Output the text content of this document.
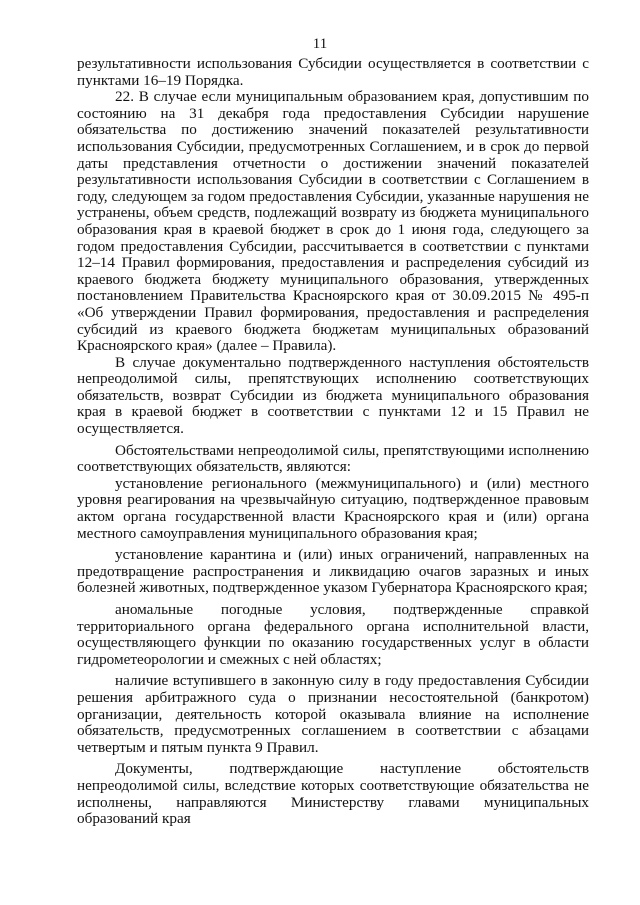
11

результативности использования Субсидии осуществляется в соответствии с пунктами 16–19 Порядка.

22. В случае если муниципальным образованием края, допустившим по состоянию на 31 декабря года предоставления Субсидии нарушение обязательства по достижению значений показателей результативности использования Субсидии, предусмотренных Соглашением, и в срок до первой даты представления отчетности о достижении значений показателей результативности использования Субсидии в соответствии с Соглашением в году, следующем за годом предоставления Субсидии, указанные нарушения не устранены, объем средств, подлежащий возврату из бюджета муниципального образования края в краевой бюджет в срок до 1 июня года, следующего за годом предоставления Субсидии, рассчитывается в соответствии с пунктами 12–14 Правил формирования, предоставления и распределения субсидий из краевого бюджета бюджету муниципального образования, утвержденных постановлением Правительства Красноярского края от 30.09.2015 № 495-п «Об утверждении Правил формирования, предоставления и распределения субсидий из краевого бюджета бюджетам муниципальных образований Красноярского края» (далее – Правила).

В случае документально подтвержденного наступления обстоятельств непреодолимой силы, препятствующих исполнению соответствующих обязательств, возврат Субсидии из бюджета муниципального образования края в краевой бюджет в соответствии с пунктами 12 и 15 Правил не осуществляется.

Обстоятельствами непреодолимой силы, препятствующими исполнению соответствующих обязательств, являются:

установление регионального (межмуниципального) и (или) местного уровня реагирования на чрезвычайную ситуацию, подтвержденное правовым актом органа государственной власти Красноярского края и (или) органа местного самоуправления муниципального образования края;

установление карантина и (или) иных ограничений, направленных на предотвращение распространения и ликвидацию очагов заразных и иных болезней животных, подтвержденное указом Губернатора Красноярского края;

аномальные погодные условия, подтвержденные справкой территориального органа федерального органа исполнительной власти, осуществляющего функции по оказанию государственных услуг в области гидрометеорологии и смежных с ней областях;

наличие вступившего в законную силу в году предоставления Субсидии решения арбитражного суда о признании несостоятельной (банкротом) организации, деятельность которой оказывала влияние на исполнение обязательств, предусмотренных соглашением в соответствии с абзацами четвертым и пятым пункта 9 Правил.

Документы, подтверждающие наступление обстоятельств непреодолимой силы, вследствие которых соответствующие обязательства не исполнены, направляются Министерству главами муниципальных образований края
